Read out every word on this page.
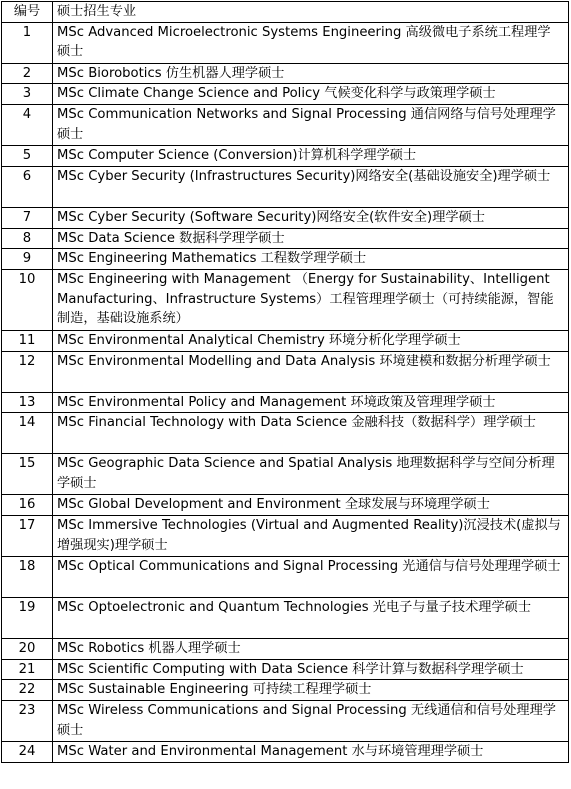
编号	硕士招生专业
1	MSc Advanced Microelectronic Systems Engineering 高级微电子系统工程理学硕士
2	MSc Biorobotics 仿生机器人理学硕士
3	MSc Climate Change Science and Policy 气候变化科学与政策理学硕士
4	MSc Communication Networks and Signal Processing 通信网络与信号处理理学硕士
5	MSc Computer Science (Conversion)计算机科学理学硕士
6	MSc Cyber Security (Infrastructures Security)网络安全(基础设施安全)理学硕士
7	MSc Cyber Security (Software Security)网络安全(软件安全)理学硕士
8	MSc Data Science 数据科学理学硕士
9	MSc Engineering Mathematics 工程数学理学硕士
10	MSc Engineering with Management （Energy for Sustainability、Intelligent Manufacturing、Infrastructure Systems）工程管理理学硕士（可持续能源，智能制造，基础设施系统）
11	MSc Environmental Analytical Chemistry 环境分析化学理学硕士
12	MSc Environmental Modelling and Data Analysis 环境建模和数据分析理学硕士
13	MSc Environmental Policy and Management 环境政策及管理理学硕士
14	MSc Financial Technology with Data Science 金融科技（数据科学）理学硕士
15	MSc Geographic Data Science and Spatial Analysis 地理数据科学与空间分析理学硕士
16	MSc Global Development and Environment 全球发展与环境理学硕士
17	MSc Immersive Technologies (Virtual and Augmented Reality)沉浸技术(虚拟与增强现实)理学硕士
18	MSc Optical Communications and Signal Processing 光通信与信号处理理学硕士
19	MSc Optoelectronic and Quantum Technologies 光电子与量子技术理学硕士
20	MSc Robotics 机器人理学硕士
21	MSc Scientific Computing with Data Science 科学计算与数据科学理学硕士
22	MSc Sustainable Engineering 可持续工程理学硕士
23	MSc Wireless Communications and Signal Processing 无线通信和信号处理理学硕士
24	MSc Water and Environmental Management 水与环境管理理学硕士
